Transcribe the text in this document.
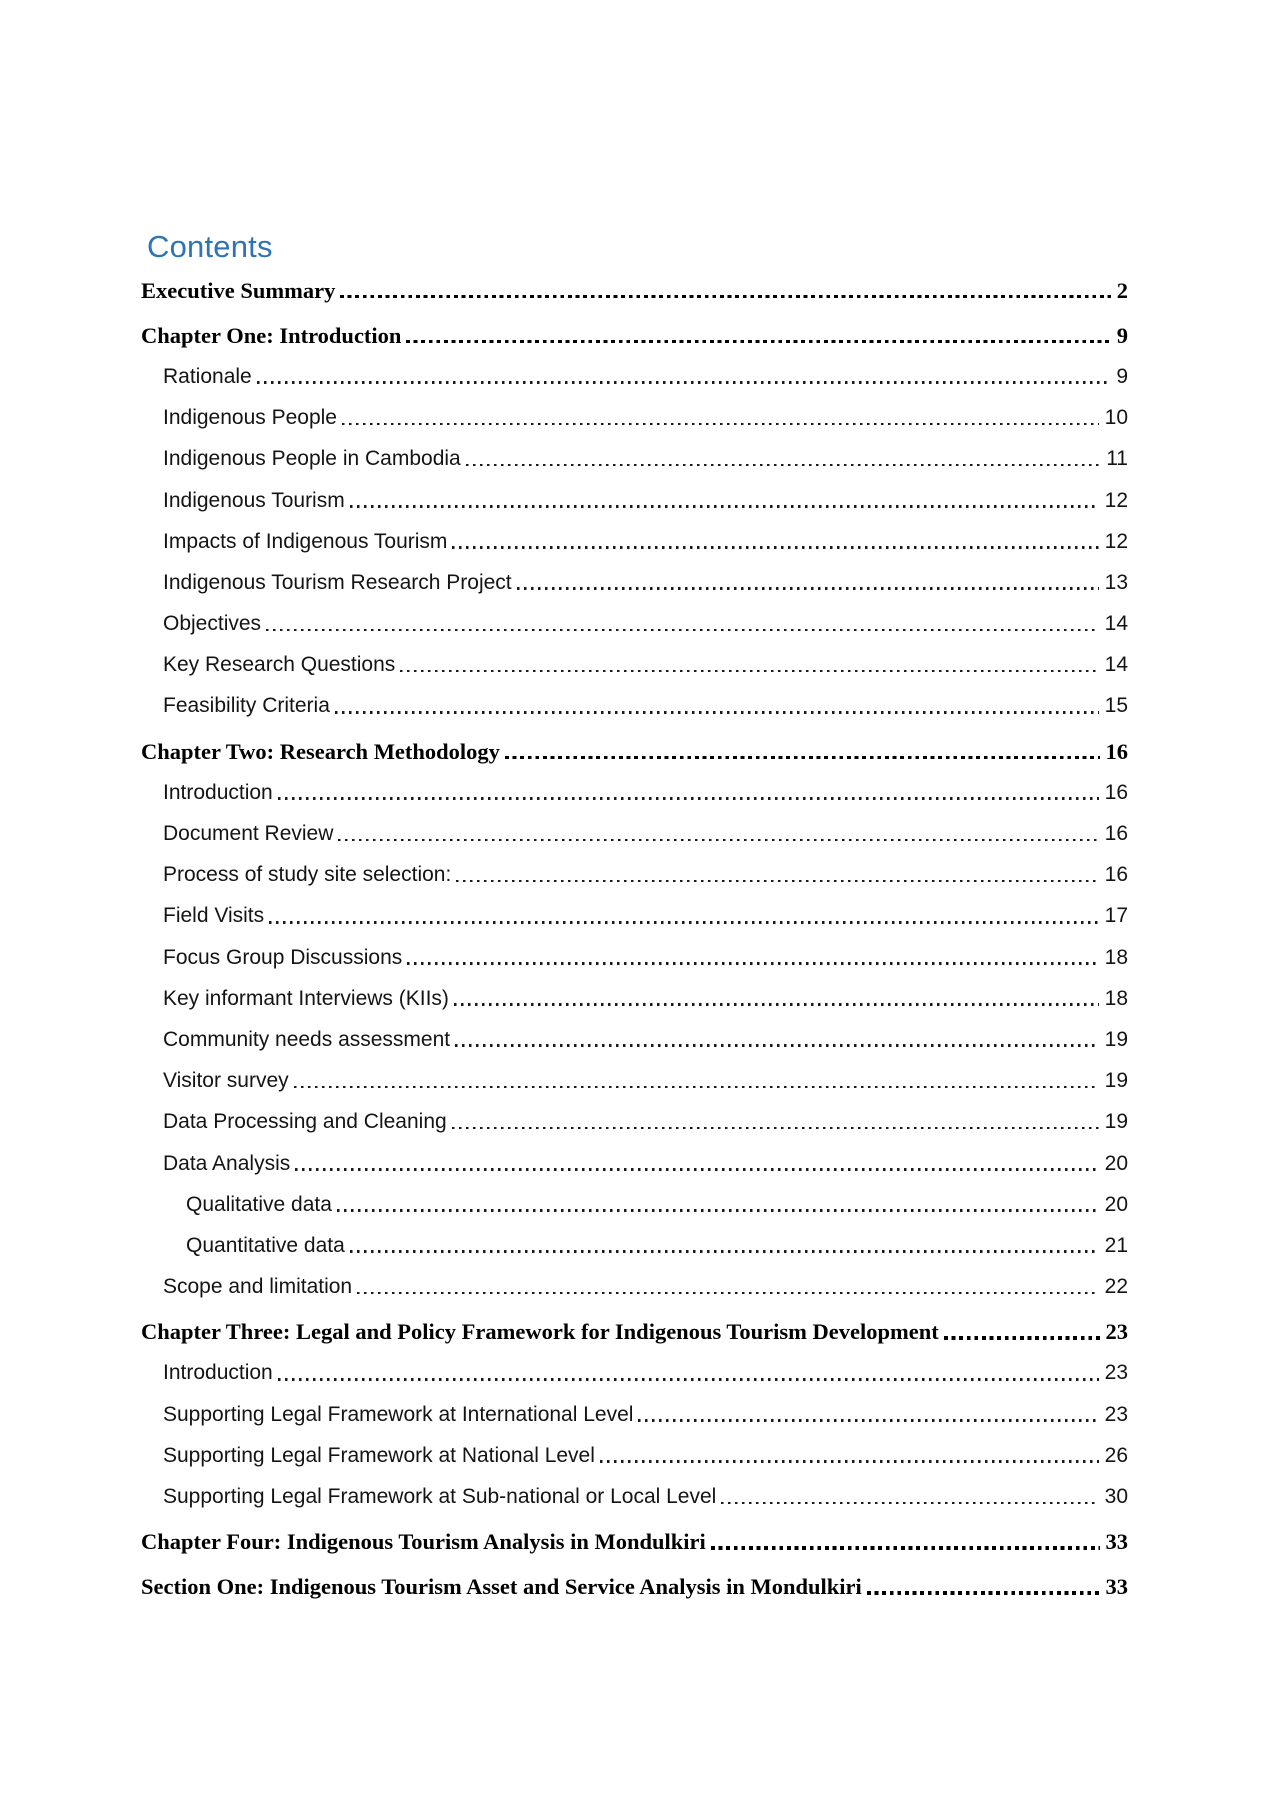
Contents
Executive Summary	2
Chapter One: Introduction	9
Rationale	9
Indigenous People	10
Indigenous People in Cambodia	11
Indigenous Tourism	12
Impacts of Indigenous Tourism	12
Indigenous Tourism Research Project	13
Objectives	14
Key Research Questions	14
Feasibility Criteria	15
Chapter Two: Research Methodology	16
Introduction	16
Document Review	16
Process of study site selection:	16
Field Visits	17
Focus Group Discussions	18
Key informant Interviews (KIIs)	18
Community needs assessment	19
Visitor survey	19
Data Processing and Cleaning	19
Data Analysis	20
Qualitative data	20
Quantitative data	21
Scope and limitation	22
Chapter Three: Legal and Policy Framework for Indigenous Tourism Development	23
Introduction	23
Supporting Legal Framework at International Level	23
Supporting Legal Framework at National Level	26
Supporting Legal Framework at Sub-national or Local Level	30
Chapter Four: Indigenous Tourism Analysis in Mondulkiri	33
Section One: Indigenous Tourism Asset and Service Analysis in Mondulkiri	33
